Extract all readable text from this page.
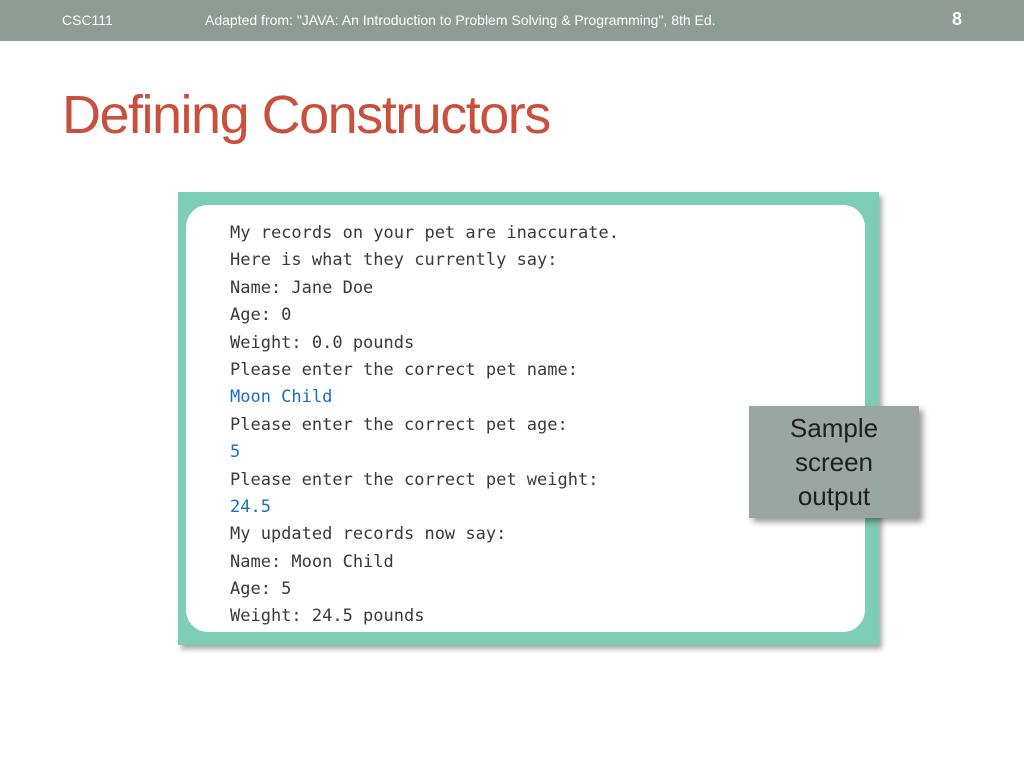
CSC111	Adapted from: "JAVA: An Introduction to Problem Solving & Programming", 8th Ed.	8
Defining Constructors
My records on your pet are inaccurate.
Here is what they currently say:
Name: Jane Doe
Age: 0
Weight: 0.0 pounds
Please enter the correct pet name:
Moon Child
Please enter the correct pet age:
5
Please enter the correct pet weight:
24.5
My updated records now say:
Name: Moon Child
Age: 5
Weight: 24.5 pounds
Sample screen output
